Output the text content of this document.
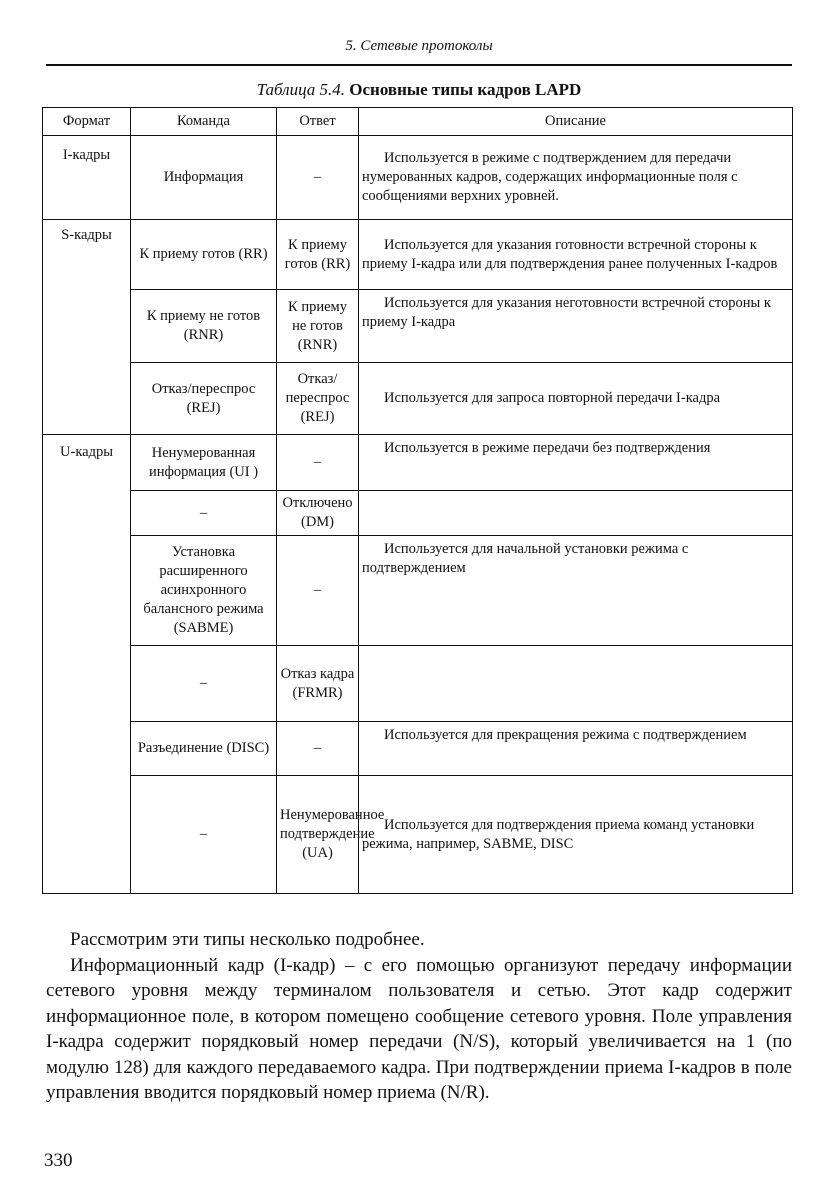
5. Сетевые протоколы
Таблица 5.4. Основные типы кадров LAPD
Формат	Команда	Ответ	Описание
I-кадры	Информация	–	Используется в режиме с подтверждением для передачи нумерованных кадров, содержащих информационные поля с сообщениями верхних уровней.
S-кадры	К приему готов (RR)	К приему готов (RR)	Используется для указания готовности встречной стороны к приему I-кадра или для подтверждения ранее полученных I-кадров
	К приему не готов (RNR)	К приему не готов (RNR)	Используется для указания неготовности встречной стороны к приему I-кадра
	Отказ/переспрос (REJ)	Отказ/переспрос (REJ)	Используется для запроса повторной передачи I-кадра
U-кадры	Ненумерованная информация (UI )	–	Используется в режиме передачи без подтверждения
	–	Отключено (DM)	
	Установка расширенного асинхронного балансного режима (SABME)	–	Используется для начальной установки режима с подтверждением
	–	Отказ кадра (FRMR)	
	Разъединение (DISC)	–	Используется для прекращения режима с подтверждением
	–	Ненумерованное подтверждение (UA)	Используется для подтверждения приема команд установки режима, например, SABME, DISC

Рассмотрим эти типы несколько подробнее.

Информационный кадр (I-кадр) – с его помощью организуют передачу информации сетевого уровня между терминалом пользователя и сетью. Этот кадр содержит информационное поле, в котором помещено сообщение сетевого уровня. Поле управления I-кадра содержит порядковый номер передачи (N/S), который увеличивается на 1 (по модулю 128) для каждого передаваемого кадра. При подтверждении приема I-кадров в поле управления вводится порядковый номер приема (N/R).

330
